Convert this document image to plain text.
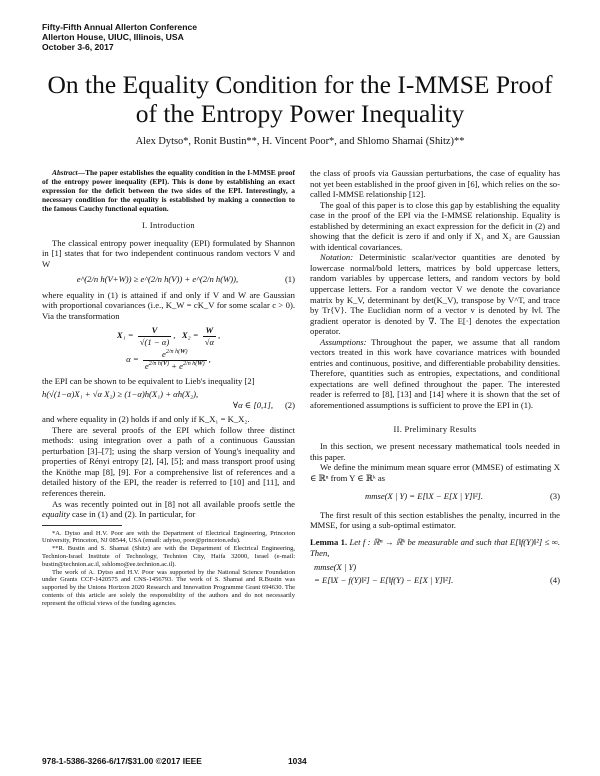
Fifty-Fifth Annual Allerton Conference
Allerton House, UIUC, Illinois, USA
October 3-6, 2017
On the Equality Condition for the I-MMSE Proof
of the Entropy Power Inequality
Alex Dytso*, Ronit Bustin**, H. Vincent Poor*, and Shlomo Shamai (Shitz)**

Abstract—The paper establishes the equality condition in the I-MMSE proof of the entropy power inequality (EPI). This is done by establishing an exact expression for the deficit between the two sides of the EPI. Interestingly, a necessary condition for the equality is established by making a connection to the famous Cauchy functional equation.

I. Introduction

The classical entropy power inequality (EPI) formulated by Shannon in [1] states that for two independent continuous random vectors V and W

e^(2/n h(V+W)) ≥ e^(2/n h(V)) + e^(2/n h(W)),	(1)

where equality in (1) is attained if and only if V and W are Gaussian with proportional covariances (i.e., K_W = cK_V for some scalar c > 0). Via the transformation

$X_1 = \frac{V}{√(1 - \alpha)}$ ,   $X_2 = \frac{W}{√\alpha}$ ,
$\alpha = \frac{e^{2/n h(W)}}{e^{2/n h(V)} + e^{2/n h(W)}}$ ,

the EPI can be shown to be equivalent to Lieb's inequality [2]

h(√(1−α)X₁ + √α X₂) ≥ (1−α)h(X₁) + αh(X₂),
∀α ∈ [0,1],	(2)

and where equality in (2) holds if and only if K_X₁ = K_X₂.

There are several proofs of the EPI which follow three distinct methods: using integration over a path of a continuous Gaussian perturbation [3]–[7]; using the sharp version of Young's inequality and properties of Rényi entropy [2], [4], [5]; and mass transport proof using the Knöthe map [8], [9]. For a comprehensive list of references and a detailed history of the EPI, the reader is referred to [10] and [11], and references therein.

As was recently pointed out in [8] not all available proofs settle the equality case in (1) and (2). In particular, for

*A. Dytso and H.V. Poor are with the Department of Electrical Engineering, Princeton University, Princeton, NJ 08544, USA (email: adytso, poor@princeton.edu).

**R. Bustin and S. Shamai (Shitz) are with the Department of Electrical Engineering, Technion-Israel Institute of Technology, Technion City, Haifa 32000, Israel (e-mail: bustin@technion.ac.il, sshlomo@ee.technion.ac.il).

The work of A. Dytso and H.V. Poor was supported by the National Science Foundation under Grants CCF-1420575 and CNS-1456793. The work of S. Shamai and R.Bustin was supported by the Unions Horizon 2020 Research and Innovation Programme Grant 694630. The contents of this article are solely the responsibility of the authors and do not necessarily represent the official views of the funding agencies.

the class of proofs via Gaussian perturbations, the case of equality has not yet been established in the proof given in [6], which relies on the so-called I-MMSE relationship [12].

The goal of this paper is to close this gap by establishing the equality case in the proof of the EPI via the I-MMSE relationship. Equality is established by determining an exact expression for the deficit in (2) and showing that the deficit is zero if and only if X₁ and X₂ are Gaussian with identical covariances.

Notation: Deterministic scalar/vector quantities are denoted by lowercase normal/bold letters, matrices by bold uppercase letters, random variables by uppercase letters, and random vectors by bold uppercase letters. For a random vector V we denote the covariance matrix by K_V, determinant by det(K_V), transpose by V^T, and trace by Tr{V}. The Euclidian norm of a vector v is denoted by ‖v‖. The gradient operator is denoted by ∇. The E[·] denotes the expectation operator.

Assumptions: Throughout the paper, we assume that all random vectors treated in this work have covariance matrices with bounded entries and continuous, positive, and differentiable probability densities. Therefore, quantities such as entropies, expectations, and conditional expectations are well defined throughout the paper. The interested reader is referred to [8], [13] and [14] where it is shown that the set of aforementioned assumptions is sufficient to prove the EPI in (1).

II. Preliminary Results

In this section, we present necessary mathematical tools needed in this paper.

We define the minimum mean square error (MMSE) of estimating X ∈ ℝⁿ from Y ∈ ℝᵏ as

mmse(X | Y) = E[‖X − E[X | Y]‖²].	(3)

The first result of this section establishes the penalty, incurred in the MMSE, for using a sub-optimal estimator.

Lemma 1. Let f : ℝⁿ → ℝᵏ be measurable and such that E[‖f(Y)‖²] ≤ ∞. Then,

mmse(X | Y)
= E[‖X − f(Y)‖²] − E[‖f(Y) − E[X | Y]‖²].	(4)
978-1-5386-3266-6/17/$31.00 ©2017 IEEE	1034
